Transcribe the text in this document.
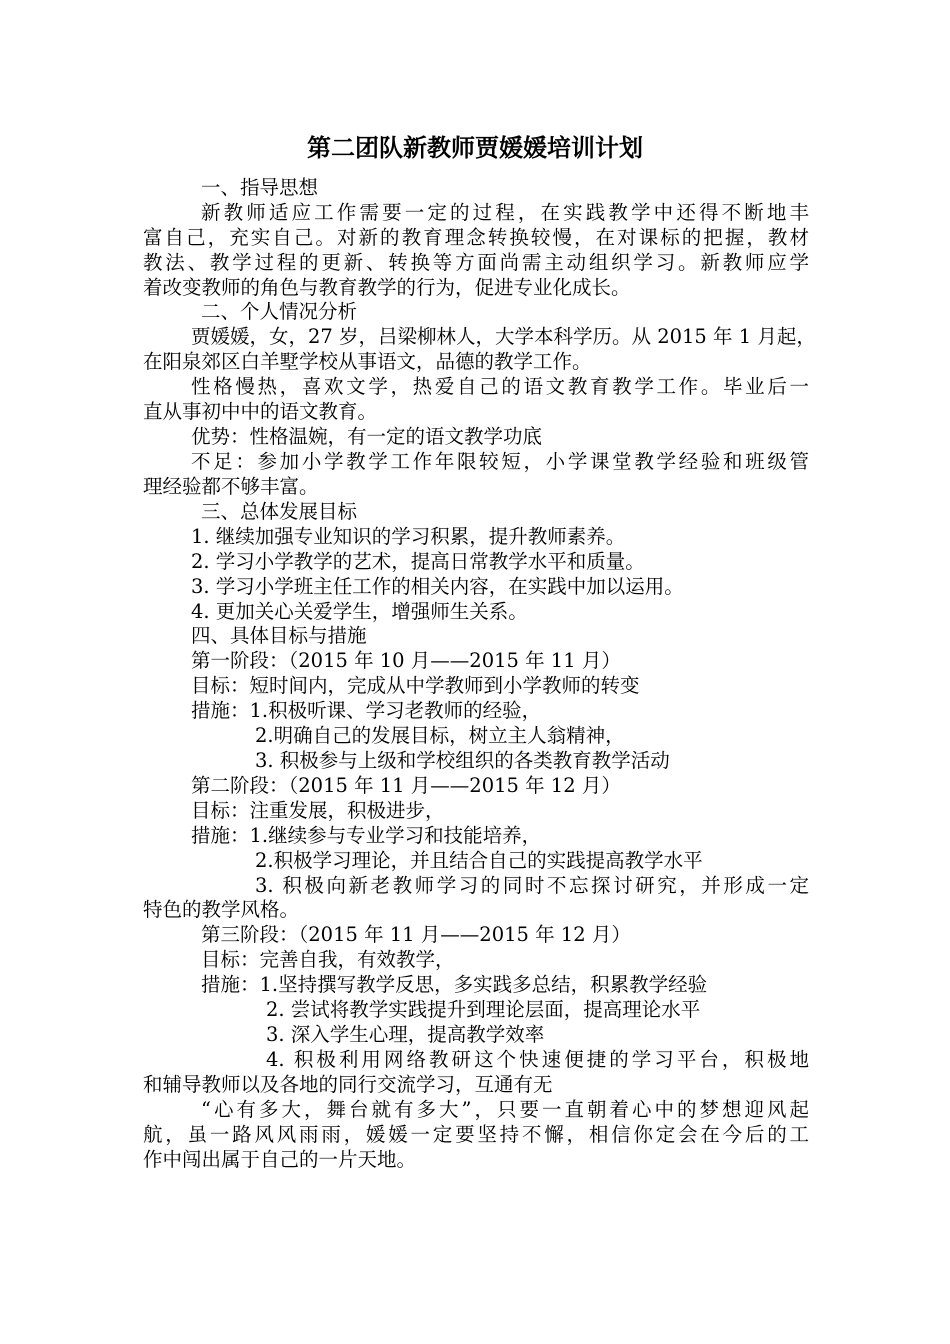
第二团队新教师贾媛媛培训计划
一、指导思想
新教师适应工作需要一定的过程，在实践教学中还得不断地丰
富自己，充实自己。对新的教育理念转换较慢，在对课标的把握，教材
教法、教学过程的更新、转换等方面尚需主动组织学习。新教师应学
着改变教师的角色与教育教学的行为，促进专业化成长。
二、个人情况分析
贾媛媛，女，27 岁，吕梁柳林人，大学本科学历。从 2015 年 1 月起，
在阳泉郊区白羊墅学校从事语文，品德的教学工作。
性格慢热，喜欢文学，热爱自己的语文教育教学工作。毕业后一
直从事初中中的语文教育。
优势：性格温婉，有一定的语文教学功底
不足：参加小学教学工作年限较短，小学课堂教学经验和班级管
理经验都不够丰富。
三、总体发展目标
1. 继续加强专业知识的学习积累，提升教师素养。
2. 学习小学教学的艺术，提高日常教学水平和质量。
3. 学习小学班主任工作的相关内容，在实践中加以运用。
4. 更加关心关爱学生，增强师生关系。
四、具体目标与措施
第一阶段：（2015 年 10 月——2015 年 11 月）
目标：短时间内，完成从中学教师到小学教师的转变
措施：1.积极听课、学习老教师的经验，
2.明确自己的发展目标，树立主人翁精神，
3. 积极参与上级和学校组织的各类教育教学活动
第二阶段：（2015 年 11 月——2015 年 12 月）
目标：注重发展，积极进步，
措施：1.继续参与专业学习和技能培养，
2.积极学习理论，并且结合自己的实践提高教学水平
3. 积极向新老教师学习的同时不忘探讨研究，并形成一定
特色的教学风格。
第三阶段：（2015 年 11 月——2015 年 12 月）
目标：完善自我，有效教学，
措施：1.坚持撰写教学反思，多实践多总结，积累教学经验
2. 尝试将教学实践提升到理论层面，提高理论水平
3. 深入学生心理，提高教学效率
4. 积极利用网络教研这个快速便捷的学习平台，积极地
和辅导教师以及各地的同行交流学习，互通有无
“心有多大，舞台就有多大”，只要一直朝着心中的梦想迎风起
航，虽一路风风雨雨，媛媛一定要坚持不懈，相信你定会在今后的工
作中闯出属于自己的一片天地。
